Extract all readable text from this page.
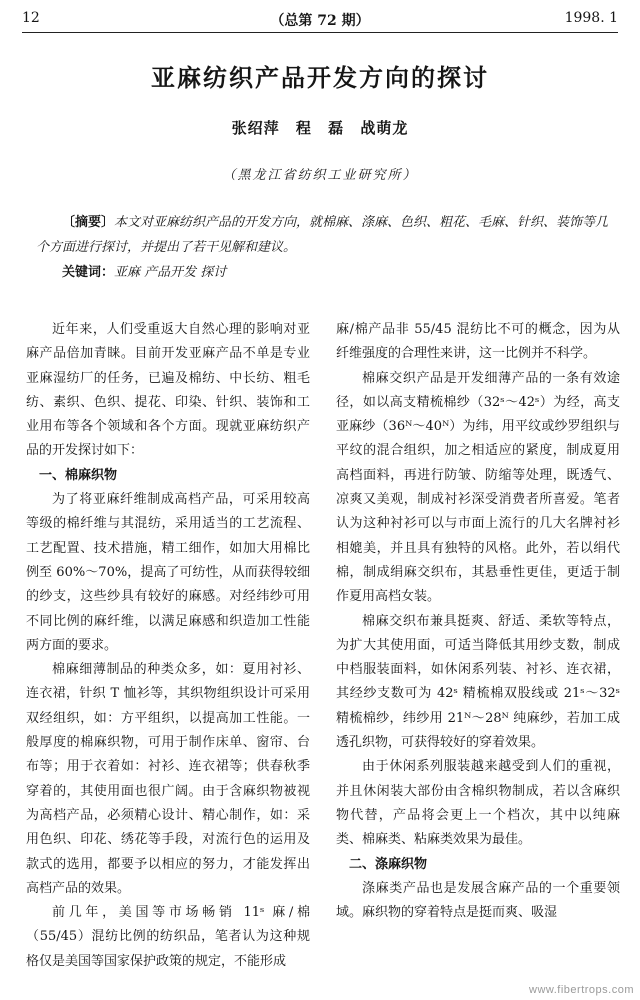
12	（总第 72 期）	1998. 1
亚麻纺织产品开发方向的探讨
张绍萍 程 磊 战萌龙
（黑龙江省纺织工业研究所）
〔摘要〕本文对亚麻纺织产品的开发方向，就棉麻、涤麻、色织、粗花、毛麻、针织、装饰等几个方面进行探讨，并提出了若干见解和建议。
关键词：亚麻 产品开发 探讨

近年来，人们受重返大自然心理的影响对亚麻产品倍加青睐。目前开发亚麻产品不单是专业亚麻湿纺厂的任务，已遍及棉纺、中长纺、粗毛纺、素织、色织、提花、印染、针织、装饰和工业用布等各个领域和各个方面。现就亚麻纺织产品的开发探讨如下：

一、棉麻织物

为了将亚麻纤维制成高档产品，可采用较高等级的棉纤维与其混纺，采用适当的工艺流程、工艺配置、技术措施，精工细作，如加大用棉比例至 60%～70%，提高了可纺性，从而获得较细的纱支，这些纱具有较好的麻感。对经纬纱可用不同比例的麻纤维，以满足麻感和织造加工性能两方面的要求。

棉麻细薄制品的种类众多，如：夏用衬衫、连衣裙，针织 T 恤衫等，其织物组织设计可采用双经组织，如：方平组织，以提高加工性能。一般厚度的棉麻织物，可用于制作床单、窗帘、台布等；用于衣着如：衬衫、连衣裙等；供春秋季穿着的，其使用面也很广阔。由于含麻织物被视为高档产品，必须精心设计、精心制作，如：采用色织、印花、绣花等手段，对流行色的运用及款式的选用，都要予以相应的努力，才能发挥出高档产品的效果。

前几年，美国等市场畅销 11ˢ 麻/棉（55/45）混纺比例的纺织品，笔者认为这种规格仅是美国等国家保护政策的规定，不能形成

麻/棉产品非 55/45 混纺比不可的概念，因为从纤维强度的合理性来讲，这一比例并不科学。

棉麻交织产品是开发细薄产品的一条有效途径，如以高支精梳棉纱（32ˢ～42ˢ）为经，高支亚麻纱（36ᴺ～40ᴺ）为纬，用平纹或纱罗组织与平纹的混合组织，加之相适应的紧度，制成夏用高档面料，再进行防皱、防缩等处理，既透气、凉爽又美观，制成衬衫深受消费者所喜爱。笔者认为这种衬衫可以与市面上流行的几大名牌衬衫相媲美，并且具有独特的风格。此外，若以绢代棉，制成绢麻交织布，其悬垂性更佳，更适于制作夏用高档女装。

棉麻交织布兼具挺爽、舒适、柔软等特点，为扩大其使用面，可适当降低其用纱支数，制成中档服装面料，如休闲系列装、衬衫、连衣裙，其经纱支数可为 42ˢ 精梳棉双股线或 21ˢ～32ˢ 精梳棉纱，纬纱用 21ᴺ～28ᴺ 纯麻纱，若加工成透孔织物，可获得较好的穿着效果。

由于休闲系列服装越来越受到人们的重视，并且休闲装大部份由含棉织物制成，若以含麻织物代替，产品将会更上一个档次，其中以纯麻类、棉麻类、粘麻类效果为最佳。

二、涤麻织物

涤麻类产品也是发展含麻产品的一个重要领域。麻织物的穿着特点是挺而爽、吸湿

www.fibertrops.com
